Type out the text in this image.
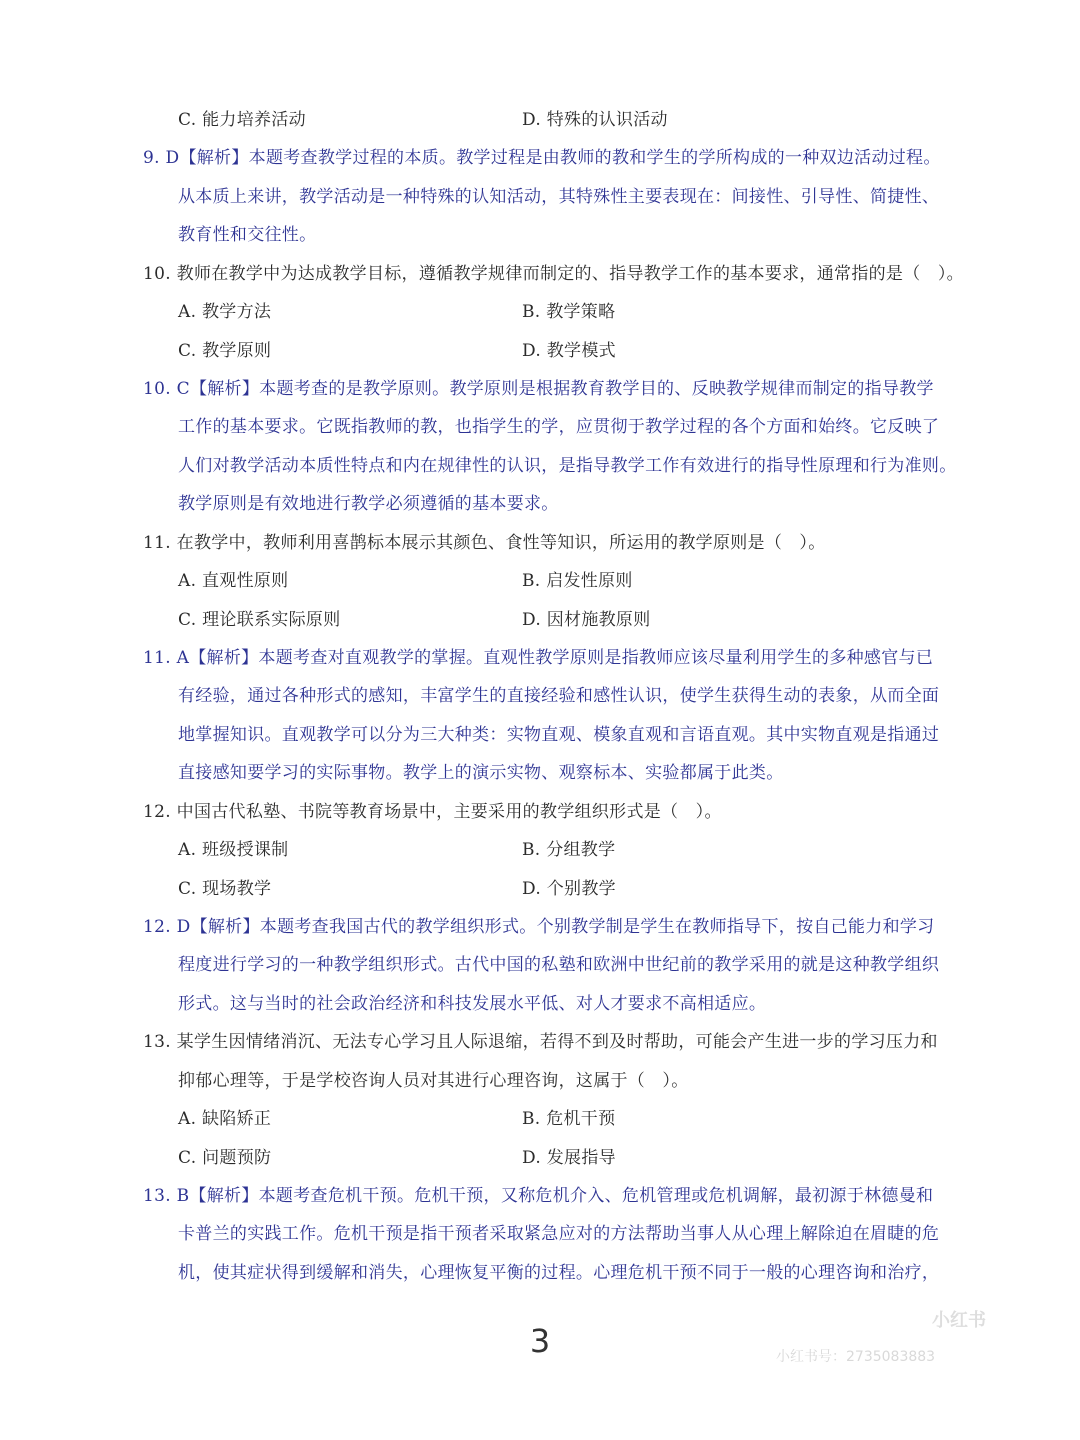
C. 能力培养活动	D. 特殊的认识活动
9. D【解析】本题考查教学过程的本质。教学过程是由教师的教和学生的学所构成的一种双边活动过程。
从本质上来讲，教学活动是一种特殊的认知活动，其特殊性主要表现在：间接性、引导性、简捷性、
教育性和交往性。
10. 教师在教学中为达成教学目标，遵循教学规律而制定的、指导教学工作的基本要求，通常指的是（　）。
A. 教学方法	B. 教学策略
C. 教学原则	D. 教学模式
10. C【解析】本题考查的是教学原则。教学原则是根据教育教学目的、反映教学规律而制定的指导教学
工作的基本要求。它既指教师的教，也指学生的学，应贯彻于教学过程的各个方面和始终。它反映了
人们对教学活动本质性特点和内在规律性的认识，是指导教学工作有效进行的指导性原理和行为准则。
教学原则是有效地进行教学必须遵循的基本要求。
11. 在教学中，教师利用喜鹊标本展示其颜色、食性等知识，所运用的教学原则是（　）。
A. 直观性原则	B. 启发性原则
C. 理论联系实际原则	D. 因材施教原则
11. A【解析】本题考查对直观教学的掌握。直观性教学原则是指教师应该尽量利用学生的多种感官与已
有经验，通过各种形式的感知，丰富学生的直接经验和感性认识，使学生获得生动的表象，从而全面
地掌握知识。直观教学可以分为三大种类：实物直观、模象直观和言语直观。其中实物直观是指通过
直接感知要学习的实际事物。教学上的演示实物、观察标本、实验都属于此类。
12. 中国古代私塾、书院等教育场景中，主要采用的教学组织形式是（　）。
A. 班级授课制	B. 分组教学
C. 现场教学	D. 个别教学
12. D【解析】本题考查我国古代的教学组织形式。个别教学制是学生在教师指导下，按自己能力和学习
程度进行学习的一种教学组织形式。古代中国的私塾和欧洲中世纪前的教学采用的就是这种教学组织
形式。这与当时的社会政治经济和科技发展水平低、对人才要求不高相适应。
13. 某学生因情绪消沉、无法专心学习且人际退缩，若得不到及时帮助，可能会产生进一步的学习压力和
抑郁心理等，于是学校咨询人员对其进行心理咨询，这属于（　）。
A. 缺陷矫正	B. 危机干预
C. 问题预防	D. 发展指导
13. B【解析】本题考查危机干预。危机干预，又称危机介入、危机管理或危机调解，最初源于林德曼和
卡普兰的实践工作。危机干预是指干预者采取紧急应对的方法帮助当事人从心理上解除迫在眉睫的危
机，使其症状得到缓解和消失，心理恢复平衡的过程。心理危机干预不同于一般的心理咨询和治疗，
3
小红书
小红书号：2735083883
